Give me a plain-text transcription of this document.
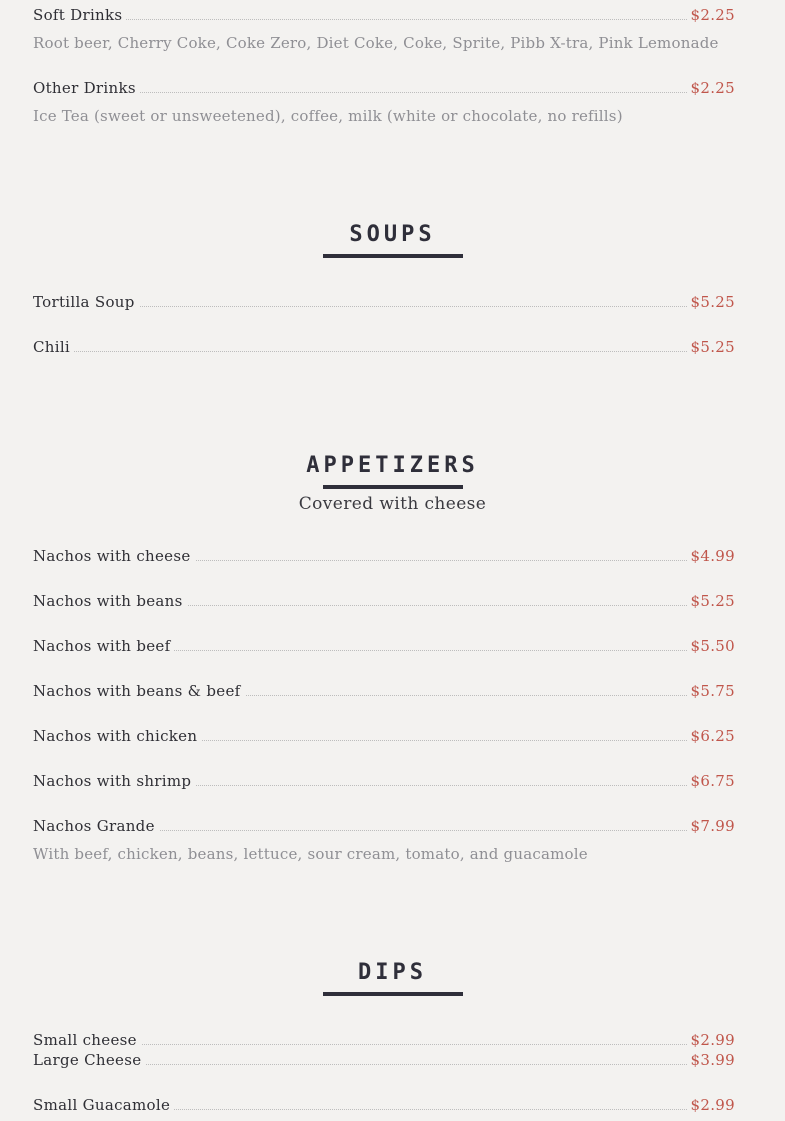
Soft Drinks	$2.25
Root beer, Cherry Coke, Coke Zero, Diet Coke, Coke, Sprite, Pibb X-tra, Pink Lemonade
Other Drinks	$2.25
Ice Tea (sweet or unsweetened), coffee, milk (white or chocolate, no refills)
SOUPS
Tortilla Soup	$5.25
Chili	$5.25
APPETIZERS
Covered with cheese
Nachos with cheese	$4.99
Nachos with beans	$5.25
Nachos with beef	$5.50
Nachos with beans & beef	$5.75
Nachos with chicken	$6.25
Nachos with shrimp	$6.75
Nachos Grande	$7.99
With beef, chicken, beans, lettuce, sour cream, tomato, and guacamole
DIPS
Small cheese	$2.99
Large Cheese	$3.99
Small Guacamole	$2.99
